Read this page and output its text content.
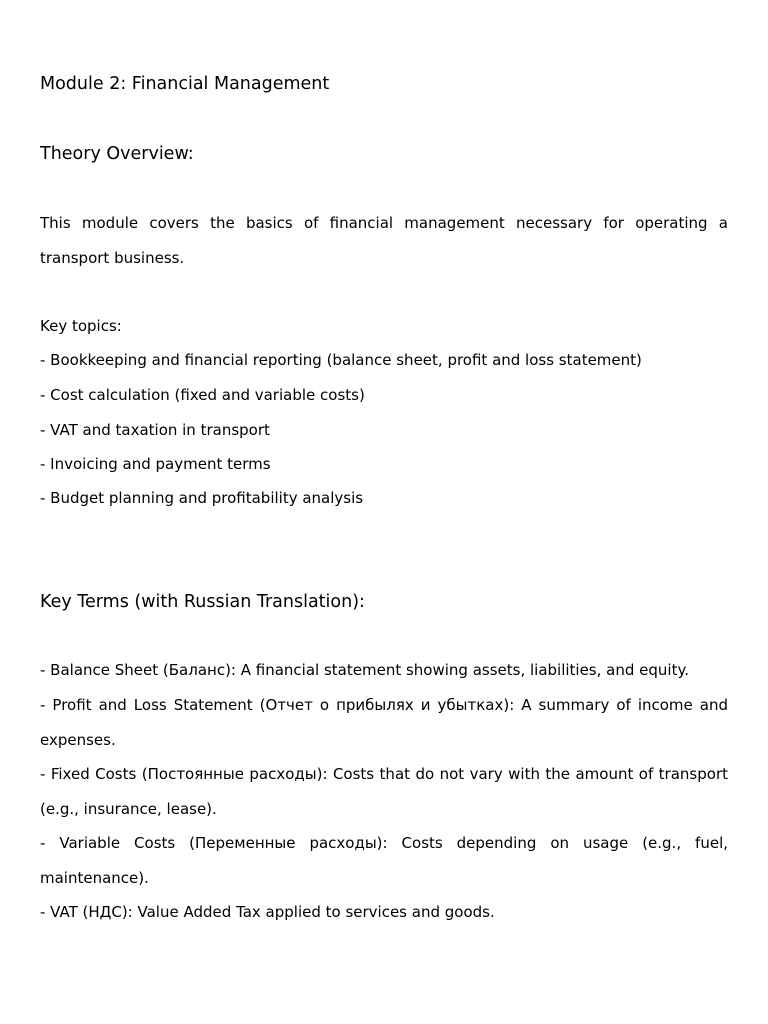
Module 2: Financial Management
Theory Overview:

This module covers the basics of financial management necessary for operating a transport business.

Key topics:

- Bookkeeping and financial reporting (balance sheet, profit and loss statement)

- Cost calculation (fixed and variable costs)

- VAT and taxation in transport

- Invoicing and payment terms

- Budget planning and profitability analysis

Key Terms (with Russian Translation):

- Balance Sheet (Баланс): A financial statement showing assets, liabilities, and equity.

- Profit and Loss Statement (Отчет о прибылях и убытках): A summary of income and expenses.

- Fixed Costs (Постоянные расходы): Costs that do not vary with the amount of transport (e.g., insurance, lease).

- Variable Costs (Переменные расходы): Costs depending on usage (e.g., fuel, maintenance).

- VAT (НДС): Value Added Tax applied to services and goods.
